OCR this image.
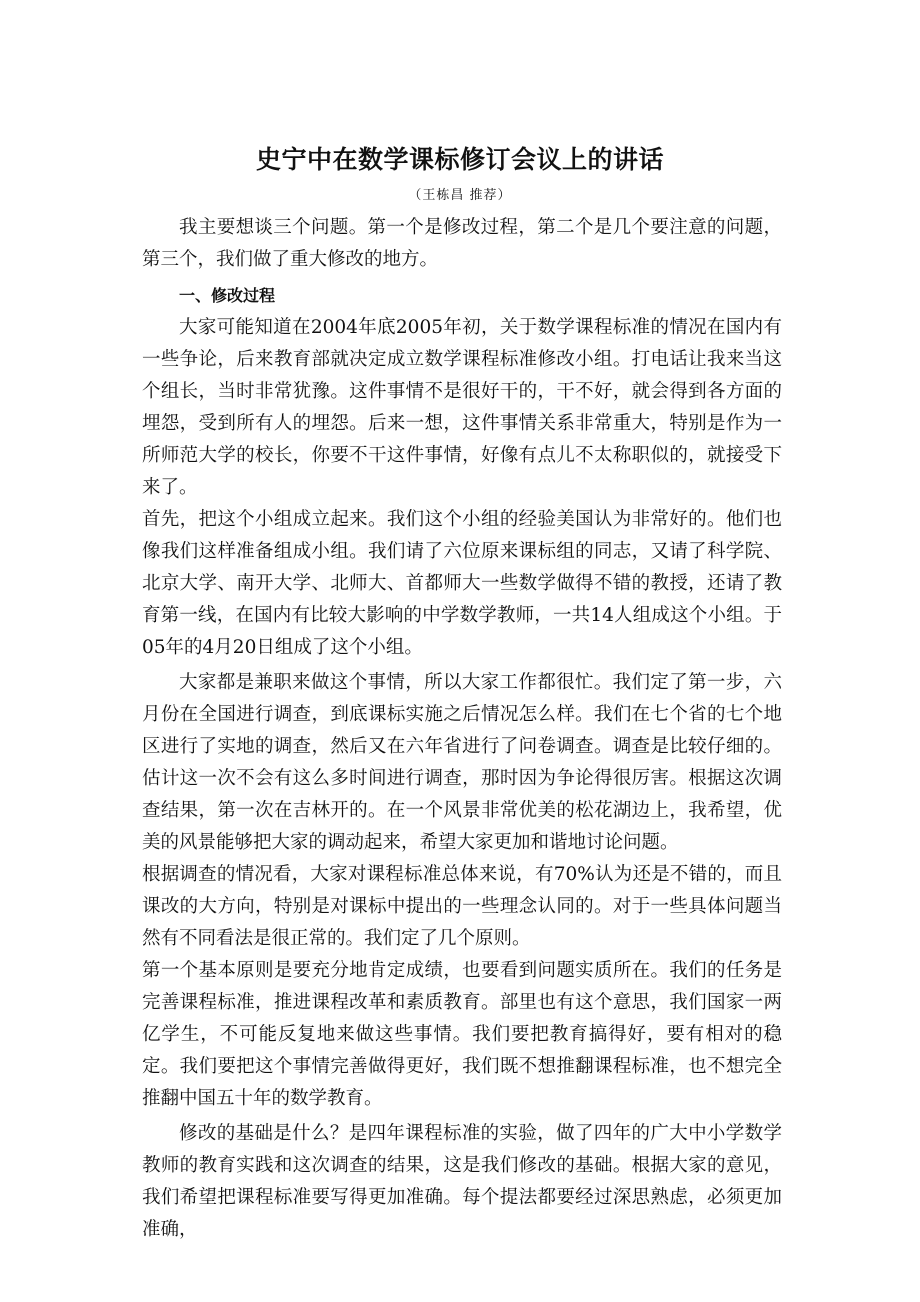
史宁中在数学课标修订会议上的讲话

（王栋昌 推荐）

我主要想谈三个问题。第一个是修改过程，第二个是几个要注意的问题，第三个，我们做了重大修改的地方。

一、修改过程

大家可能知道在2004年底2005年初，关于数学课程标准的情况在国内有一些争论，后来教育部就决定成立数学课程标准修改小组。打电话让我来当这个组长，当时非常犹豫。这件事情不是很好干的，干不好，就会得到各方面的埋怨，受到所有人的埋怨。后来一想，这件事情关系非常重大，特别是作为一所师范大学的校长，你要不干这件事情，好像有点儿不太称职似的，就接受下来了。

首先，把这个小组成立起来。我们这个小组的经验美国认为非常好的。他们也像我们这样准备组成小组。我们请了六位原来课标组的同志，又请了科学院、北京大学、南开大学、北师大、首都师大一些数学做得不错的教授，还请了教育第一线，在国内有比较大影响的中学数学教师，一共14人组成这个小组。于05年的4月20日组成了这个小组。

大家都是兼职来做这个事情，所以大家工作都很忙。我们定了第一步，六月份在全国进行调查，到底课标实施之后情况怎么样。我们在七个省的七个地区进行了实地的调查，然后又在六年省进行了问卷调查。调查是比较仔细的。估计这一次不会有这么多时间进行调查，那时因为争论得很厉害。根据这次调查结果，第一次在吉林开的。在一个风景非常优美的松花湖边上，我希望，优美的风景能够把大家的调动起来，希望大家更加和谐地讨论问题。

根据调查的情况看，大家对课程标准总体来说，有70%认为还是不错的，而且课改的大方向，特别是对课标中提出的一些理念认同的。对于一些具体问题当然有不同看法是很正常的。我们定了几个原则。

第一个基本原则是要充分地肯定成绩，也要看到问题实质所在。我们的任务是完善课程标准，推进课程改革和素质教育。部里也有这个意思，我们国家一两亿学生，不可能反复地来做这些事情。我们要把教育搞得好，要有相对的稳定。我们要把这个事情完善做得更好，我们既不想推翻课程标准，也不想完全推翻中国五十年的数学教育。

修改的基础是什么？是四年课程标准的实验，做了四年的广大中小学数学教师的教育实践和这次调查的结果，这是我们修改的基础。根据大家的意见，我们希望把课程标准要写得更加准确。每个提法都要经过深思熟虑，必须更加准确，
